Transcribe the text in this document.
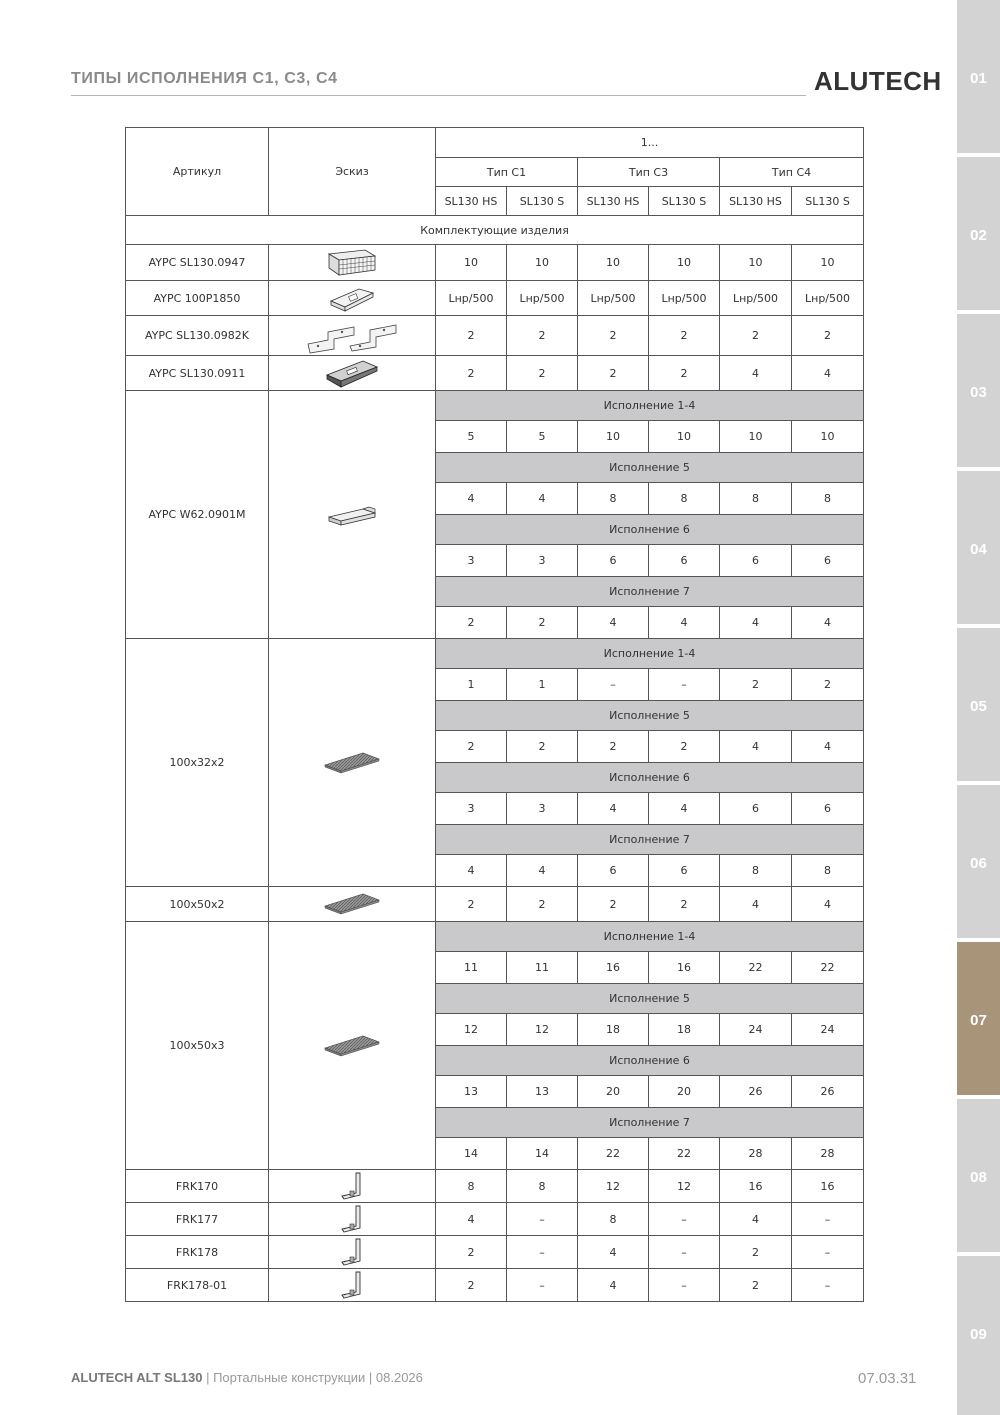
ТИПЫ ИСПОЛНЕНИЯ С1, С3, С4	ALUTECH	01
02
03
04
05
06
07
08
09
Артикул	Эскиз	1...					
		Тип С1		Тип С3		Тип С4	
		SL130 HS	SL130 S	SL130 HS	SL130 S	SL130 HS	SL130 S
Комплектующие изделия							
AYPC SL130.0947		10	10	10	10	10	10
AYPC 100P1850		Lнр/500	Lнр/500	Lнр/500	Lнр/500	Lнр/500	Lнр/500
AYPC SL130.0982K		2	2	2	2	2	2
AYPC SL130.0911		2	2	2	2	4	4
AYPC W62.0901M		Исполнение 1-4					
		5	5	10	10	10	10
		Исполнение 5					
		4	4	8	8	8	8
		Исполнение 6					
		3	3	6	6	6	6
		Исполнение 7					
		2	2	4	4	4	4
100x32x2		Исполнение 1-4					
		1	1	–	–	2	2
		Исполнение 5					
		2	2	2	2	4	4
		Исполнение 6					
		3	3	4	4	6	6
		Исполнение 7					
		4	4	6	6	8	8
100x50x2		2	2	2	2	4	4
100x50x3		Исполнение 1-4					
		11	11	16	16	22	22
		Исполнение 5					
		12	12	18	18	24	24
		Исполнение 6					
		13	13	20	20	26	26
		Исполнение 7					
		14	14	22	22	28	28
FRK170		8	8	12	12	16	16
FRK177		4	–	8	–	4	–
FRK178		2	–	4	–	2	–
FRK178-01		2	–	4	–	2	–
ALUTECH ALT SL130 | Портальные конструкции | 08.2026	07.03.31
